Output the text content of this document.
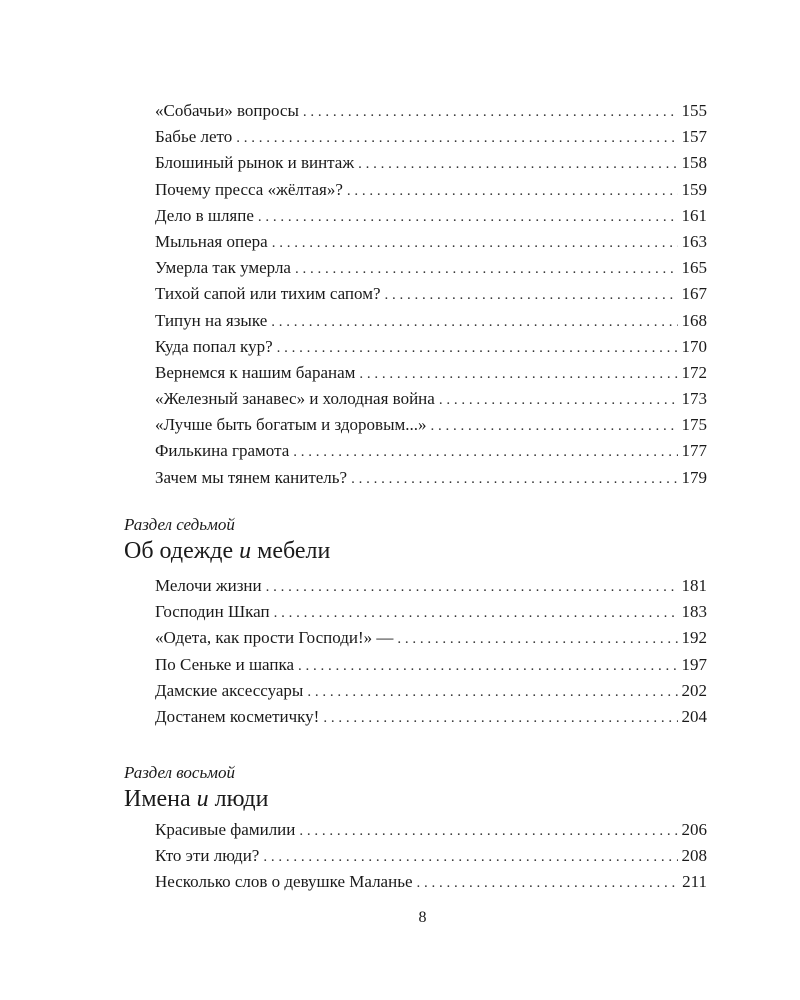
«Собачьи» вопросы . . .	155
Бабье лето . . .	157
Блошиный рынок и винтаж . . .	158
Почему пресса «жёлтая»? . . .	159
Дело в шляпе . . .	161
Мыльная опера . . .	163
Умерла так умерла . . .	165
Тихой сапой или тихим сапом? . . .	167
Типун на языке . . .	168
Куда попал кур? . . .	170
Вернемся к нашим баранам . . .	172
«Железный занавес» и холодная война . . .	173
«Лучше быть богатым и здоровым...» . . .	175
Филькина грамота . . .	177
Зачем мы тянем канитель? . . .	179
Раздел седьмой
Об одежде и мебели
Мелочи жизни . . .	181
Господин Шкап . . .	183
«Одета, как прости Господи!» — . . .	192
По Сеньке и шапка . . .	197
Дамские аксессуары . . .	202
Достанем косметичку! . . .	204
Раздел восьмой
Имена и люди
Красивые фамилии . . .	206
Кто эти люди? . . .	208
Несколько слов о девушке Маланье . . .	211
8
